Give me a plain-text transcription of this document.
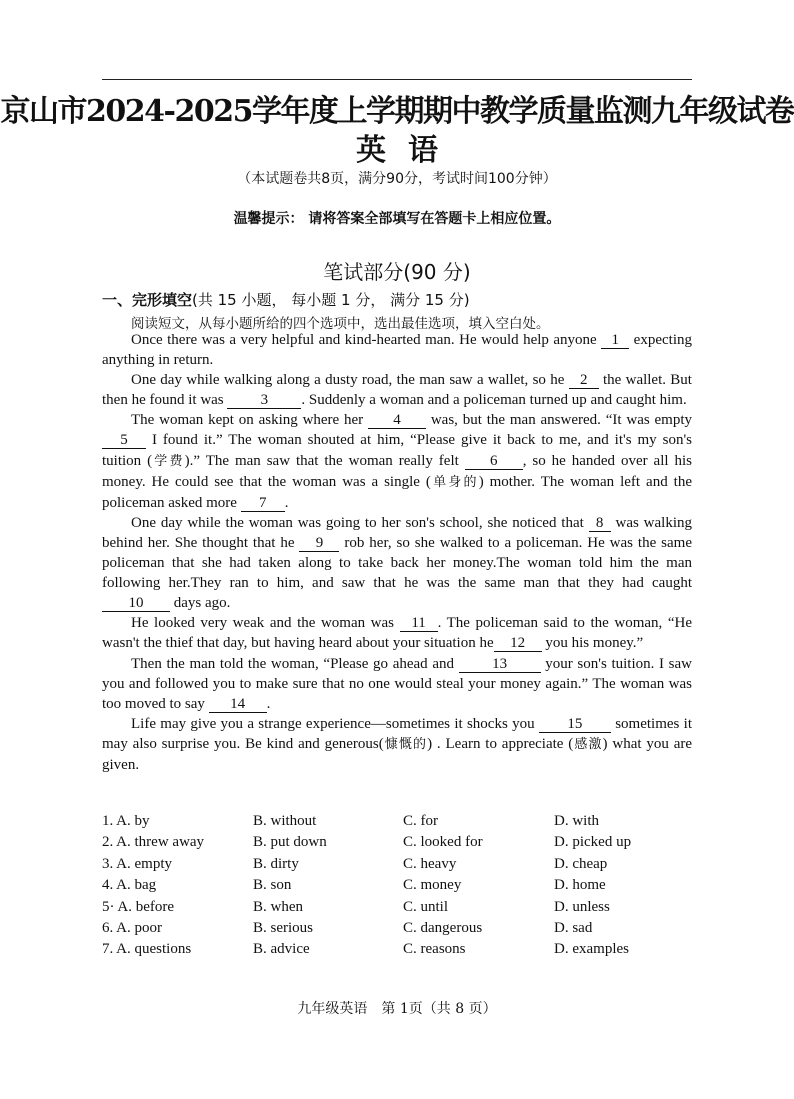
京山市2024-2025学年度上学期期中教学质量监测九年级试卷
英语
（本试题卷共8页，满分90分，考试时间100分钟）
温馨提示： 请将答案全部填写在答题卡上相应位置。
笔试部分(90 分)
一、完形填空(共 15 小题， 每小题 1 分， 满分 15 分)
阅读短文，从每小题所给的四个选项中，选出最佳选项，填入空白处。

Once there was a very helpful and kind-hearted man. He would help anyone 1 expecting anything in return.

One day while walking along a dusty road, the man saw a wallet, so he 2 the wallet. But then he found it was 3 . Suddenly a woman and a policeman turned up and caught him.

The woman kept on asking where her 4 was, but the man answered. “It was empty 5 I found it.” The woman shouted at him, “Please give it back to me, and it's my son's tuition (学费).” The man saw that the woman really felt 6 , so he handed over all his money. He could see that the woman was a single (单身的) mother. The woman left and the policeman asked more 7 .

One day while the woman was going to her son's school, she noticed that 8 was walking behind her. She thought that he 9 rob her, so she walked to a policeman. He was the same policeman that she had taken along to take back her money.The woman told him the man following her.They ran to him, and saw that he was the same man that they had caught 10 days ago.

He looked very weak and the woman was 11 . The policeman said to the woman, “He wasn't the thief that day, but having heard about your situation he 12 you his money.”

Then the man told the woman, “Please go ahead and 13 your son's tuition. I saw you and followed you to make sure that no one would steal your money again.” The woman was too moved to say 14 .

Life may give you a strange experience—sometimes it shocks you 15 sometimes it may also surprise you. Be kind and generous(慷慨的) . Learn to appreciate (感激) what you are given.

1. A. by	B. without	C. for	D. with
2. A. threw away	B. put down	C. looked for	D. picked up
3. A. empty	B. dirty	C. heavy	D. cheap
4. A. bag	B. son	C. money	D. home
5· A. before	B. when	C. until	D. unless
6. A. poor	B. serious	C. dangerous	D. sad
7. A. questions	B. advice	C. reasons	D. examples
九年级英语　第 1页（共 8 页）
